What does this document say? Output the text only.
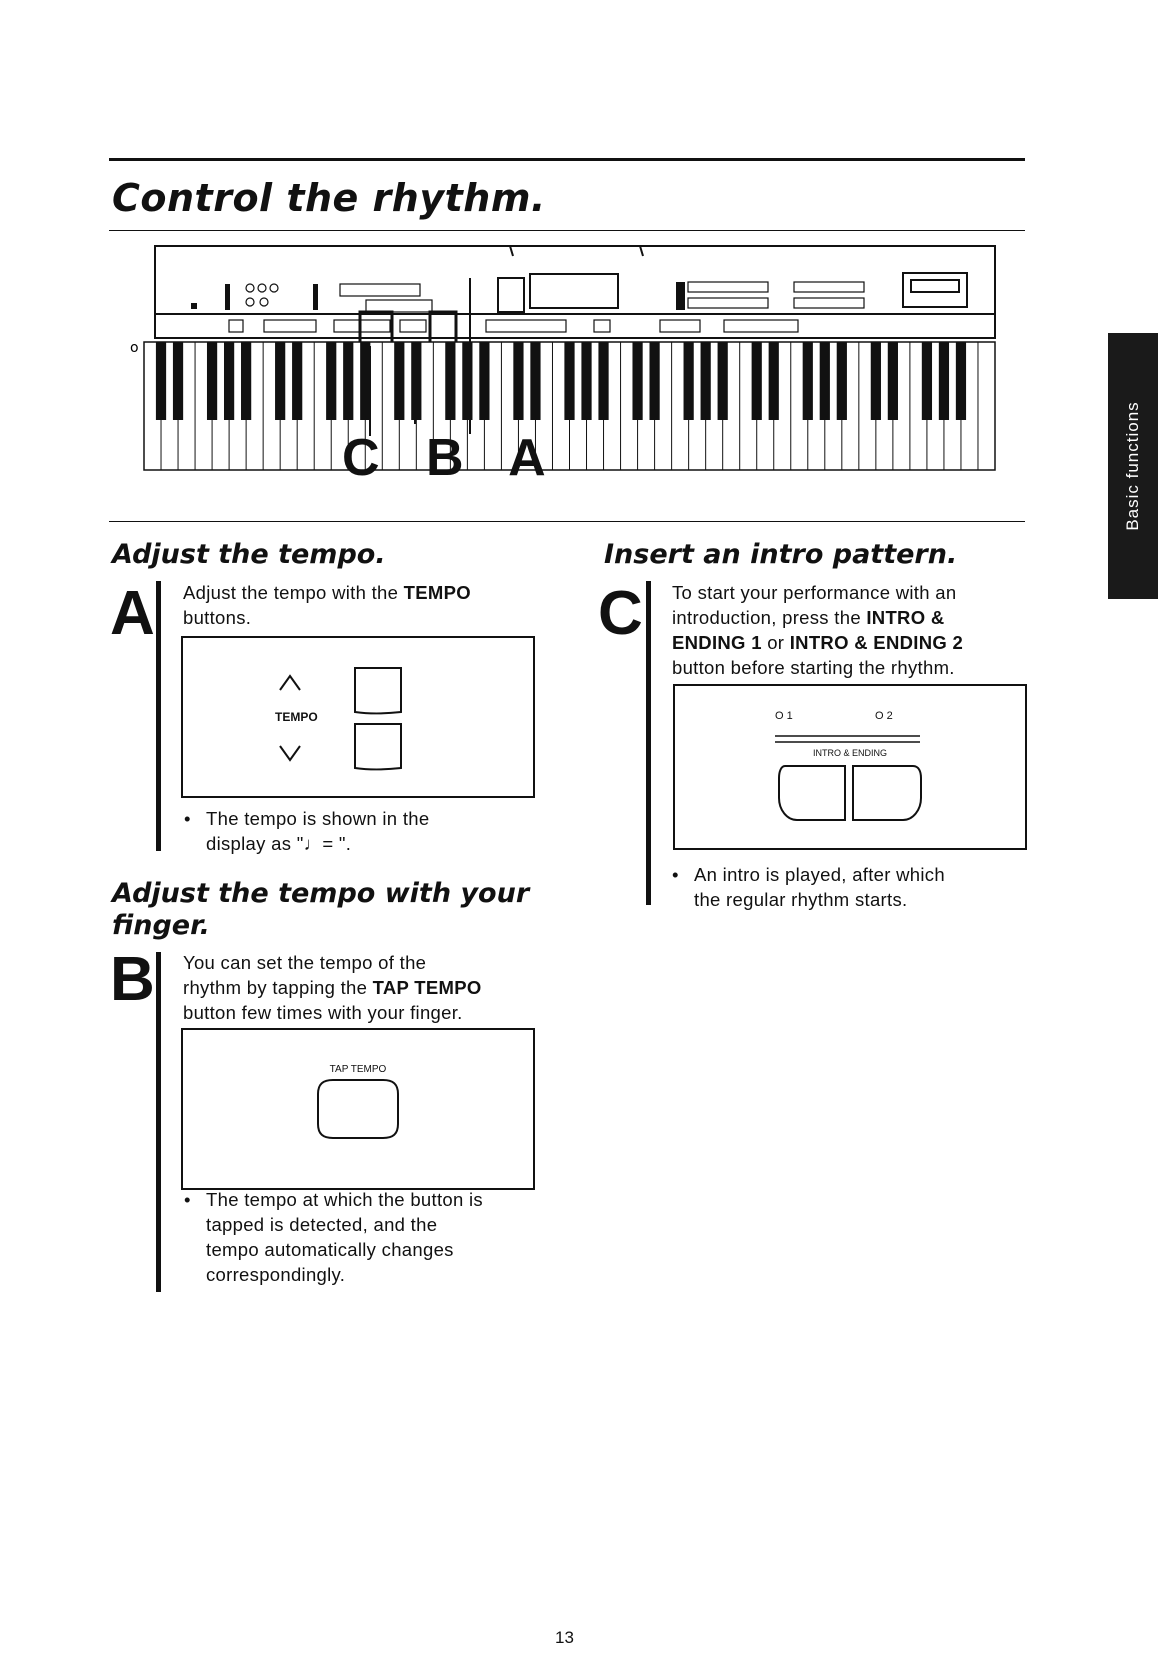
Control the rhythm.
o
C B A	Basic functions
Adjust the tempo.
A Adjust the tempo with the TEMPO
buttons.
TEMPO
• The tempo is shown in the
display as "♩= ".
Adjust the tempo with your
finger.
B You can set the tempo of the
rhythm by tapping the TAP TEMPO
button few times with your finger.
TAP TEMPO
• The tempo at which the button is
tapped is detected, and the
tempo automatically changes
correspondingly.
Insert an intro pattern.
C To start your performance with an
introduction, press the INTRO &
ENDING 1 or INTRO & ENDING 2
button before starting the rhythm.
O 1	O 2
INTRO & ENDING
• An intro is played, after which
the regular rhythm starts.
13
